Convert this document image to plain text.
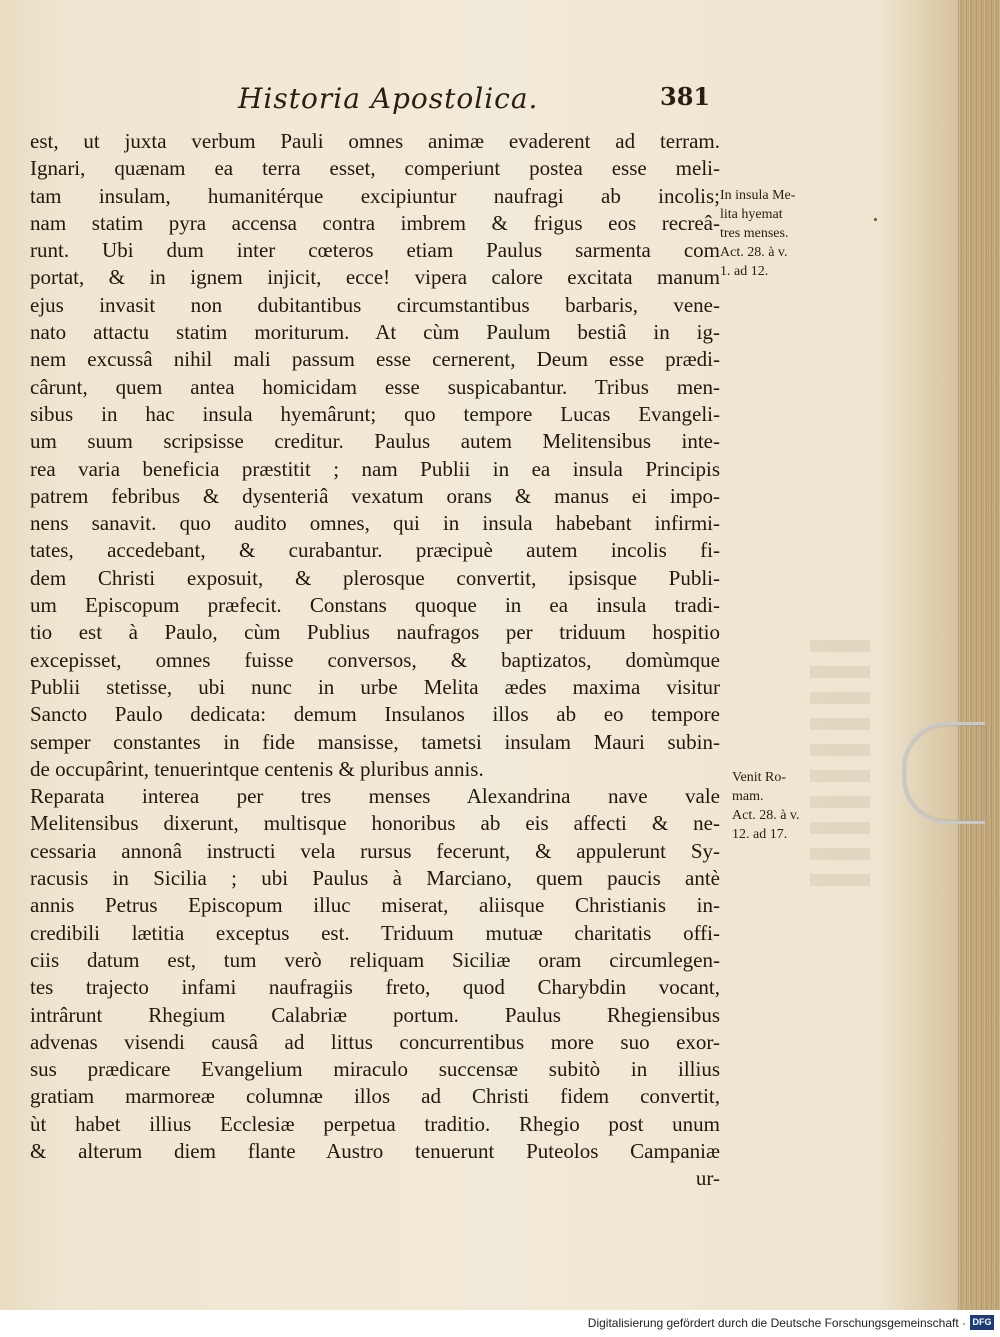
Historia Apostolica.	381
est, ut juxta verbum Pauli omnes animæ evaderent ad terram.
Ignari, quænam ea terra esset, comperiunt postea esse meli-
tam insulam, humanitérque excipiuntur naufragi ab incolis;
nam statim pyra accensa contra imbrem & frigus eos recreâ-
runt. Ubi dum inter cœteros etiam Paulus sarmenta com
portat, & in ignem injicit, ecce! vipera calore excitata manum
ejus invasit non dubitantibus circumstantibus barbaris, vene-
nato attactu statim moriturum. At cùm Paulum bestiâ in ig-
nem excussâ nihil mali passum esse cernerent, Deum esse prædi-
cârunt, quem antea homicidam esse suspicabantur. Tribus men-
sibus in hac insula hyemârunt; quo tempore Lucas Evangeli-
um suum scripsisse creditur. Paulus autem Melitensibus inte-
rea varia beneficia præstitit ; nam Publii in ea insula Principis
patrem febribus & dysenteriâ vexatum orans & manus ei impo-
nens sanavit. quo audito omnes, qui in insula habebant infirmi-
tates, accedebant, & curabantur. præcipuè autem incolis fi-
dem Christi exposuit, & plerosque convertit, ipsisque Publi-
um Episcopum præfecit. Constans quoque in ea insula tradi-
tio est à Paulo, cùm Publius naufragos per triduum hospitio
excepisset, omnes fuisse conversos, & baptizatos, domùmque
Publii stetisse, ubi nunc in urbe Melita ædes maxima visitur
Sancto Paulo dedicata: demum Insulanos illos ab eo tempore
semper constantes in fide mansisse, tametsi insulam Mauri subin-
de occupârint, tenuerintque centenis & pluribus annis.
Reparata interea per tres menses Alexandrina nave vale
Melitensibus dixerunt, multisque honoribus ab eis affecti & ne-
cessaria annonâ instructi vela rursus fecerunt, & appulerunt Sy-
racusis in Sicilia ; ubi Paulus à Marciano, quem paucis antè
annis Petrus Episcopum illuc miserat, aliisque Christianis in-
credibili lætitia exceptus est. Triduum mutuæ charitatis offi-
ciis datum est, tum verò reliquam Siciliæ oram circumlegen-
tes trajecto infami naufragiis freto, quod Charybdin vocant,
intrârunt Rhegium Calabriæ portum. Paulus Rhegiensibus
advenas visendi causâ ad littus concurrentibus more suo exor-
sus prædicare Evangelium miraculo succensæ subitò in illius
gratiam marmoreæ columnæ illos ad Christi fidem convertit,
ùt habet illius Ecclesiæ perpetua traditio. Rhegio post unum
& alterum diem flante Austro tenuerunt Puteolos Campaniæ
ur-
In insula Me-
lita hyemat
tres menses.
Act. 28. à v.
1. ad 12.
Venit Ro-
mam.
Act. 28. à v.
12. ad 17.
Digitalisierung gefördert durch die Deutsche Forschungsgemeinschaft · DFG
